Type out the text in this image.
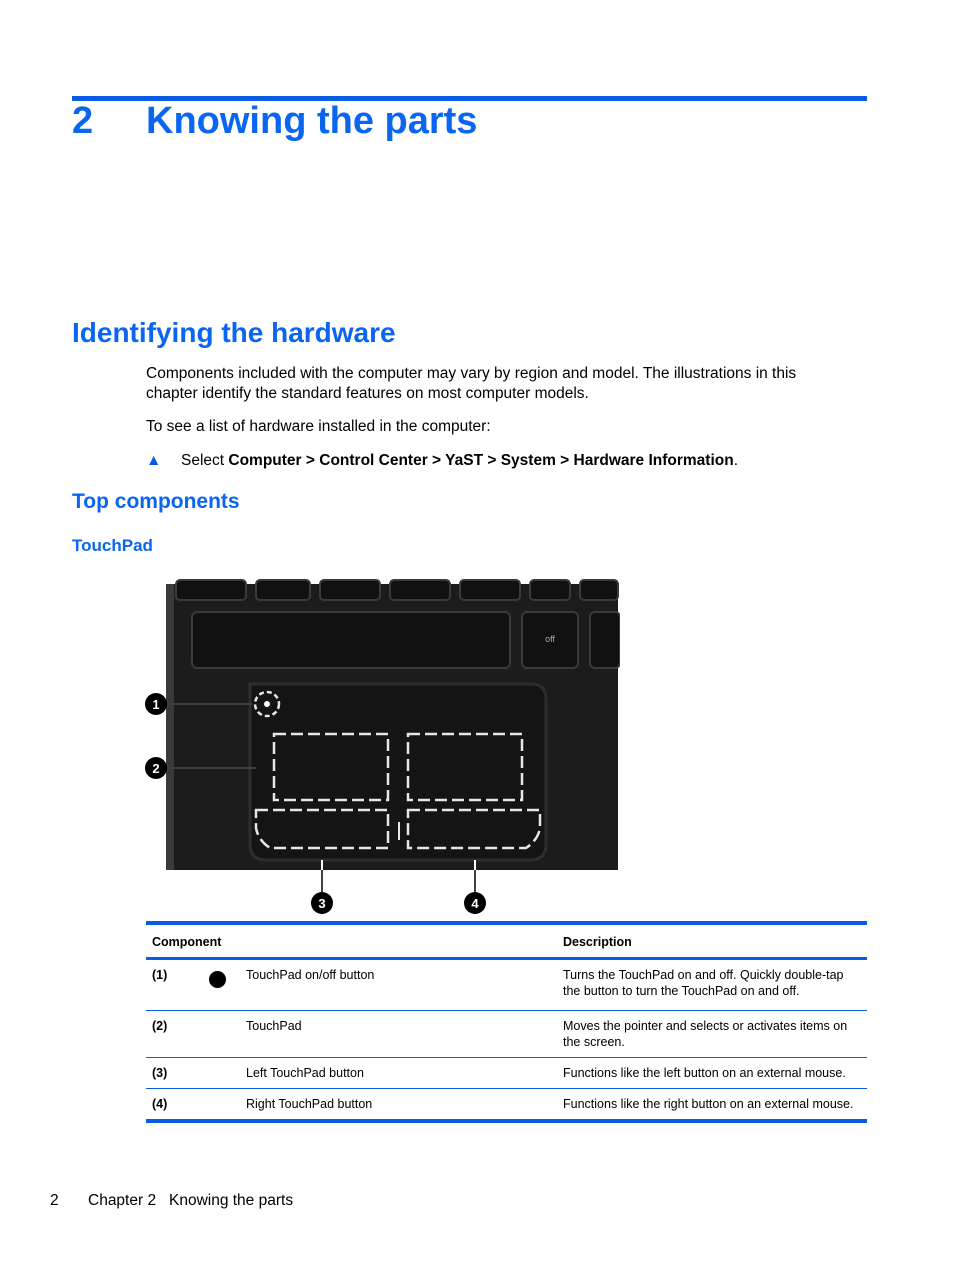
2 Knowing the parts
Identifying the hardware
Components included with the computer may vary by region and model. The illustrations in this chapter identify the standard features on most computer models.
To see a list of hardware installed in the computer:
▲ Select Computer > Control Center > YaST > System > Hardware Information.
Top components
TouchPad
off
1
2
3	4
Component			Description
(1)		TouchPad on/off button	Turns the TouchPad on and off. Quickly double-tap the button to turn the TouchPad on and off.
(2)		TouchPad	Moves the pointer and selects or activates items on the screen.
(3)		Left TouchPad button	Functions like the left button on an external mouse.
(4)		Right TouchPad button	Functions like the right button on an external mouse.
2 Chapter 2   Knowing the parts
